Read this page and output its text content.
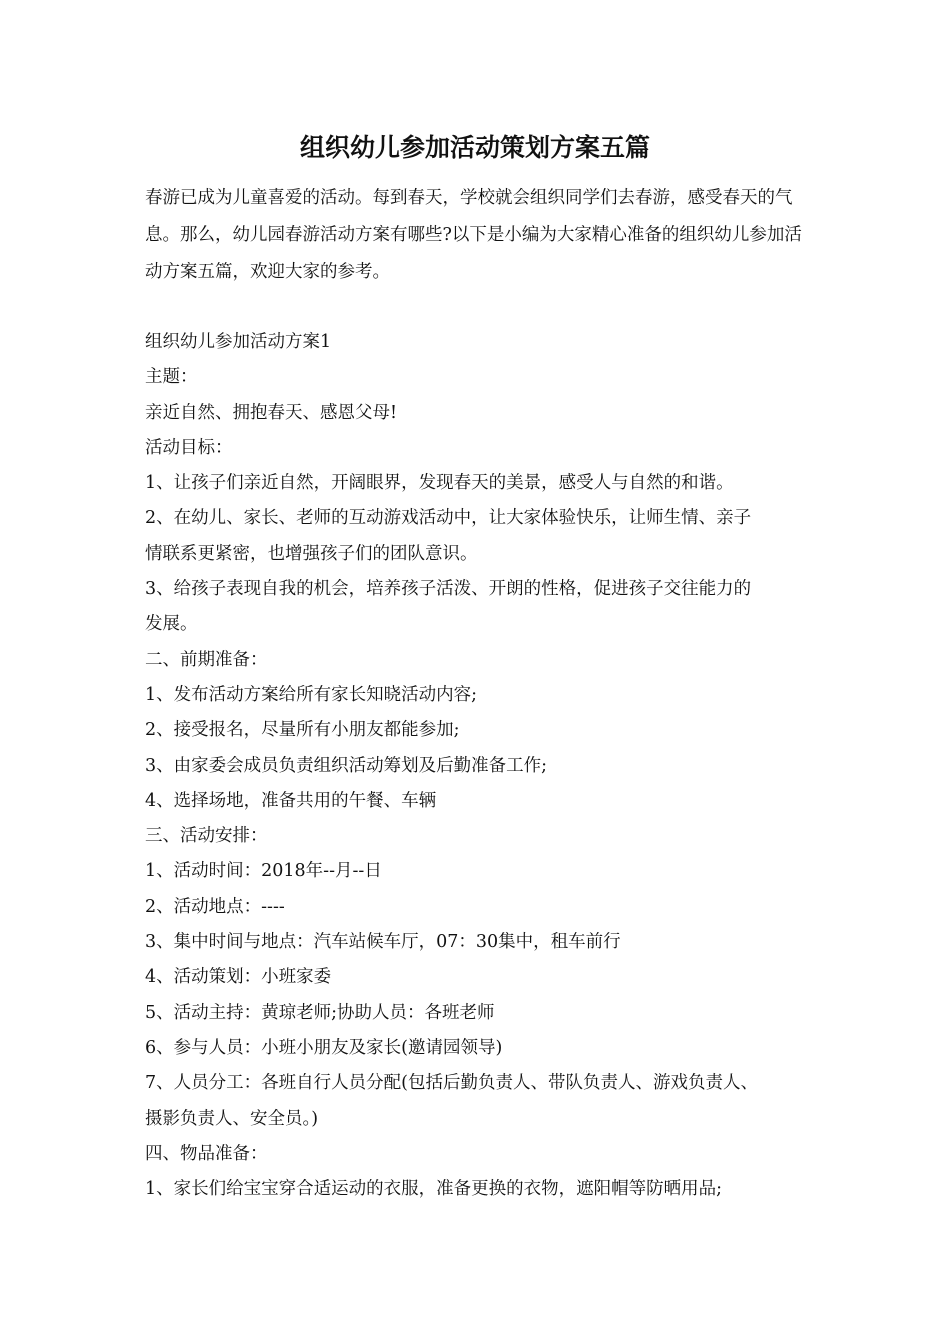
组织幼儿参加活动策划方案五篇

春游已成为儿童喜爱的活动。每到春天，学校就会组织同学们去春游，感受春天的气息。那么，幼儿园春游活动方案有哪些?以下是小编为大家精心准备的组织幼儿参加活动方案五篇，欢迎大家的参考。

组织幼儿参加活动方案1

主题：

亲近自然、拥抱春天、感恩父母!

活动目标：

1、让孩子们亲近自然，开阔眼界，发现春天的美景，感受人与自然的和谐。

2、在幼儿、家长、老师的互动游戏活动中，让大家体验快乐，让师生情、亲子

情联系更紧密，也增强孩子们的团队意识。

3、给孩子表现自我的机会，培养孩子活泼、开朗的性格，促进孩子交往能力的

发展。

二、前期准备：

1、发布活动方案给所有家长知晓活动内容;

2、接受报名，尽量所有小朋友都能参加;

3、由家委会成员负责组织活动筹划及后勤准备工作;

4、选择场地，准备共用的午餐、车辆

三、活动安排：

1、活动时间：2018年--月--日

2、活动地点：----

3、集中时间与地点：汽车站候车厅，07：30集中，租车前行

4、活动策划：小班家委

5、活动主持：黄琼老师;协助人员：各班老师

6、参与人员：小班小朋友及家长(邀请园领导)

7、人员分工：各班自行人员分配(包括后勤负责人、带队负责人、游戏负责人、

摄影负责人、安全员。)

四、物品准备：

1、家长们给宝宝穿合适运动的衣服，准备更换的衣物，遮阳帽等防晒用品;
